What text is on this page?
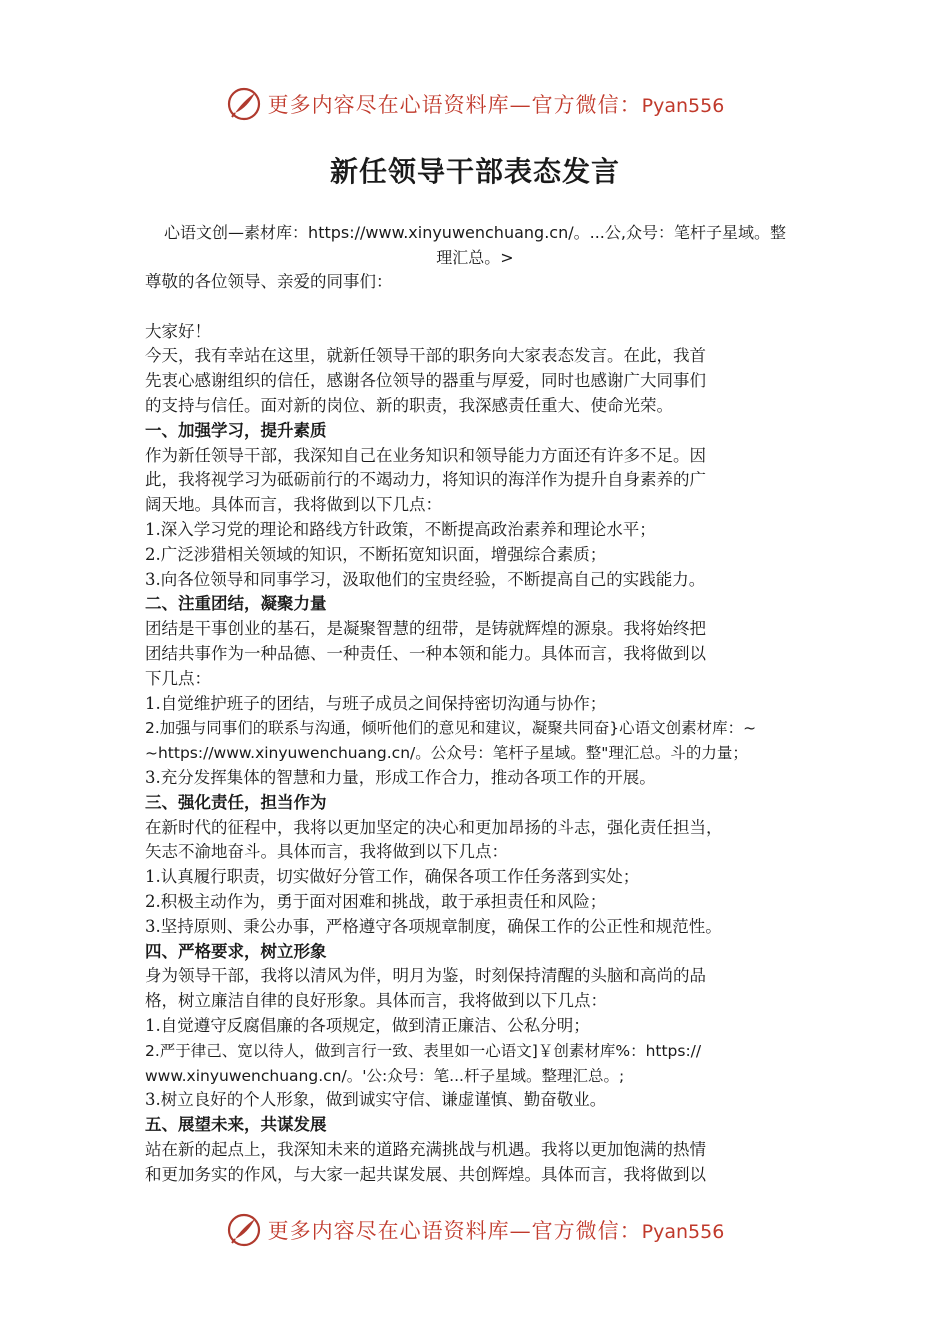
更多内容尽在心语资料库—官方微信：Pyan556
新任领导干部表态发言
心语文创—素材库：https://www.xinyuwenchuang.cn/。...公,众号：笔杆子星域。整
理汇总。>

尊敬的各位领导、亲爱的同事们：

大家好！

今天，我有幸站在这里，就新任领导干部的职务向大家表态发言。在此，我首

先衷心感谢组织的信任，感谢各位领导的器重与厚爱，同时也感谢广大同事们

的支持与信任。面对新的岗位、新的职责，我深感责任重大、使命光荣。

一、加强学习，提升素质

作为新任领导干部，我深知自己在业务知识和领导能力方面还有许多不足。因

此，我将视学习为砥砺前行的不竭动力，将知识的海洋作为提升自身素养的广

阔天地。具体而言，我将做到以下几点：

1.深入学习党的理论和路线方针政策，不断提高政治素养和理论水平；

2.广泛涉猎相关领域的知识，不断拓宽知识面，增强综合素质；

3.向各位领导和同事学习，汲取他们的宝贵经验，不断提高自己的实践能力。

二、注重团结，凝聚力量

团结是干事创业的基石，是凝聚智慧的纽带，是铸就辉煌的源泉。我将始终把

团结共事作为一种品德、一种责任、一种本领和能力。具体而言，我将做到以

下几点：

1.自觉维护班子的团结，与班子成员之间保持密切沟通与协作；

2.加强与同事们的联系与沟通，倾听他们的意见和建议，凝聚共同奋}心语文创素材库：~

~https://www.xinyuwenchuang.cn/。公众号：笔杆子星域。整"理汇总。斗的力量；

3.充分发挥集体的智慧和力量，形成工作合力，推动各项工作的开展。

三、强化责任，担当作为

在新时代的征程中，我将以更加坚定的决心和更加昂扬的斗志，强化责任担当，

矢志不渝地奋斗。具体而言，我将做到以下几点：

1.认真履行职责，切实做好分管工作，确保各项工作任务落到实处；

2.积极主动作为，勇于面对困难和挑战，敢于承担责任和风险；

3.坚持原则、秉公办事，严格遵守各项规章制度，确保工作的公正性和规范性。

四、严格要求，树立形象

身为领导干部，我将以清风为伴，明月为鉴，时刻保持清醒的头脑和高尚的品

格，树立廉洁自律的良好形象。具体而言，我将做到以下几点：

1.自觉遵守反腐倡廉的各项规定，做到清正廉洁、公私分明；

2.严于律己、宽以待人，做到言行一致、表里如一心语文]￥创素材库%：https://

www.xinyuwenchuang.cn/。'公:众号：笔...杆子星域。整理汇总。;

3.树立良好的个人形象，做到诚实守信、谦虚谨慎、勤奋敬业。

五、展望未来，共谋发展

站在新的起点上，我深知未来的道路充满挑战与机遇。我将以更加饱满的热情

和更加务实的作风，与大家一起共谋发展、共创辉煌。具体而言，我将做到以

更多内容尽在心语资料库—官方微信：Pyan556
